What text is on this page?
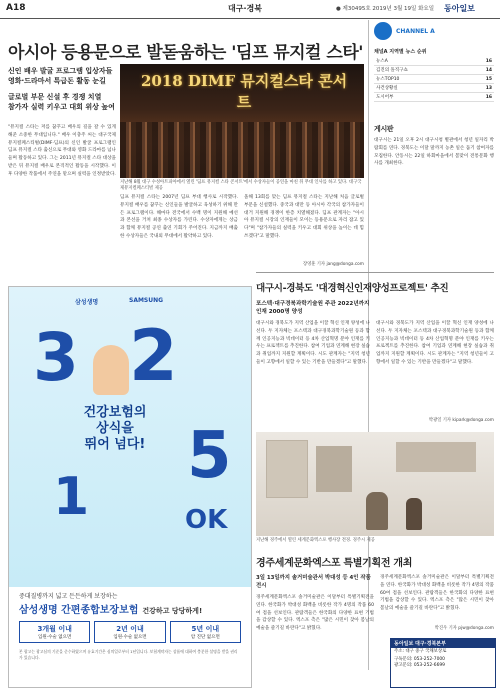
A18	대구·경북	● 제30495호 2019년 3월 19일 화요일 동아일보
아시아 등용문으로 발돋움하는 '딤프 뮤지컬 스타'
신인 배우 발굴 프로그램 입상자들
영화·드라마서 특급돈 활동 눈길
글로벌 부문 신설 후 경쟁 치열
참가자 실력 키우고 대회 위상 높여
"뮤지컬 스타는 저를 꿈꾸고 배우의 길을 갈 수 있게 해준 소중한 무대입니다." 배우 이충주 씨는 대구국제뮤지컬페스티벌(DIMF·딤프)의 신인 발굴 프로그램인 딤프 뮤지컬 스타 출신으로 무대와 영화 드라마를 넘나들며 활동하고 있다. 그는 2011년 뮤지컬 스타 대상을 받은 뒤 뮤지컬 배우로 본격적인 활동을 시작했다. 이후 다양한 작품에서 주연을 맡으며 실력을 인정받았다.
2018 DIMF 뮤지컬스타 콘서트
지난해 8월 대구 수성아트피아에서 열린 '딤프 뮤지컬 스타 콘서트'에서 수상자들이 공연을 마친 뒤 무대 인사를 하고 있다. 대구국제뮤지컬페스티벌 제공
딤프 뮤지컬 스타는 2007년 딤프 부대 행사로 시작했다. 뮤지컬 배우를 꿈꾸는 신인들을 발굴하고 육성하기 위해 만든 프로그램이다. 해마다 전국에서 수백 명이 지원해 예선과 본선을 거쳐 최종 수상자를 가린다. 수상자에게는 상금과 함께 뮤지컬 공연 출연 기회가 주어진다. 지금까지 배출한 수상자들은 국내외 무대에서 활약하고 있다.
올해 13회를 맞는 딤프 뮤지컬 스타는 지난해 처음 글로벌 부문을 신설했다. 중국과 대만 등 아시아 각국의 참가자들이 대거 지원해 경쟁이 한층 치열해졌다. 딤프 관계자는 "아시아 뮤지컬 시장의 인재들이 모이는 등용문으로 자리 잡고 있다"며 "참가자들의 실력을 키우고 대회 위상을 높이는 데 힘쓰겠다"고 말했다.
장영훈 기자 jang@donga.com
CHANNEL A
채널A 지역별 뉴스 순위
뉴스A	16
김진의 돌직구쇼	14
뉴스TOP10	15
사건상황실	13
도시어부	16
게시판
대구시는 21일 오후 2시 대구시청 별관에서 청년 일자리 박람회를 연다. 경북도는 이달 말까지 농촌 일손 돕기 참여자를 모집한다. 안동시는 22일 하회마을에서 봄맞이 전통문화 행사를 개최한다.
대구시-경북도 '대경혁신인재양성프로젝트' 추진
포스텍·대구경북과학기술원 주관 2022년까지 인재 2000명 양성
대구시와 경북도가 지역 산업을 이끌 혁신 인재 양성에 나선다. 두 지자체는 포스텍과 대구경북과학기술원 등과 함께 인공지능과 빅데이터 등 4차 산업혁명 분야 인재를 키우는 프로젝트를 추진한다. 참여 기업과 연계해 현장 실습과 취업까지 지원할 계획이다. 시도 관계자는 "지역 청년들이 고향에서 일할 수 있는 기반을 만들겠다"고 말했다.
대구시와 경북도가 지역 산업을 이끌 혁신 인재 양성에 나선다. 두 지자체는 포스텍과 대구경북과학기술원 등과 함께 인공지능과 빅데이터 등 4차 산업혁명 분야 인재를 키우는 프로젝트를 추진한다. 참여 기업과 연계해 현장 실습과 취업까지 지원할 계획이다. 시도 관계자는 "지역 청년들이 고향에서 일할 수 있는 기반을 만들겠다"고 말했다.
박광일 기자 kipark@donga.com
지난해 경주에서 열린 세계문화엑스포 행사장 전경. 경주시 제공
경주세계문화엑스포 특별기획전 개최
3일 13일까지 솔거미술관서 박대성 등 4인 작품 전시
경주세계문화엑스포 솔거미술관은 이달부터 특별기획전을 연다. 한국화가 박대성 화백을 비롯한 작가 4명의 작품 60여 점을 선보인다. 관람객들은 한국화의 다양한 표현 기법을 감상할 수 있다. 엑스포 측은 "많은 시민이 찾아 봄날의 예술을 즐기길 바란다"고 밝혔다.
경주세계문화엑스포 솔거미술관은 이달부터 특별기획전을 연다. 한국화가 박대성 화백을 비롯한 작가 4명의 작품 60여 점을 선보인다. 관람객들은 한국화의 다양한 표현 기법을 감상할 수 있다. 엑스포 측은 "많은 시민이 찾아 봄날의 예술을 즐기길 바란다"고 밝혔다.
박진우 기자 pjw@donga.com
동아일보 대구·경북본부
주소: 대구 중구 국채보상로
구독문의: 053-252-7000
광고문의: 053-252-6699
삼성생명	SAMSUNG
3 2
1
5
OK
건강보험의
상식을
뛰어 넘다!
중대질병까지 넓고 든든하게 보장하는
삼성생명 간편종합보장보험 건강하고 당당하게!
3개월 이내
입원·수술 없으면
2년 이내
입원·수술 없으면
5년 이내
암 진단 없으면
본 광고는 광고심의 기준을 준수하였으며 유효기간은 심의일로부터 1년입니다. 보험계약자는 상품에 대하여 충분한 설명을 받을 권리가 있습니다.
